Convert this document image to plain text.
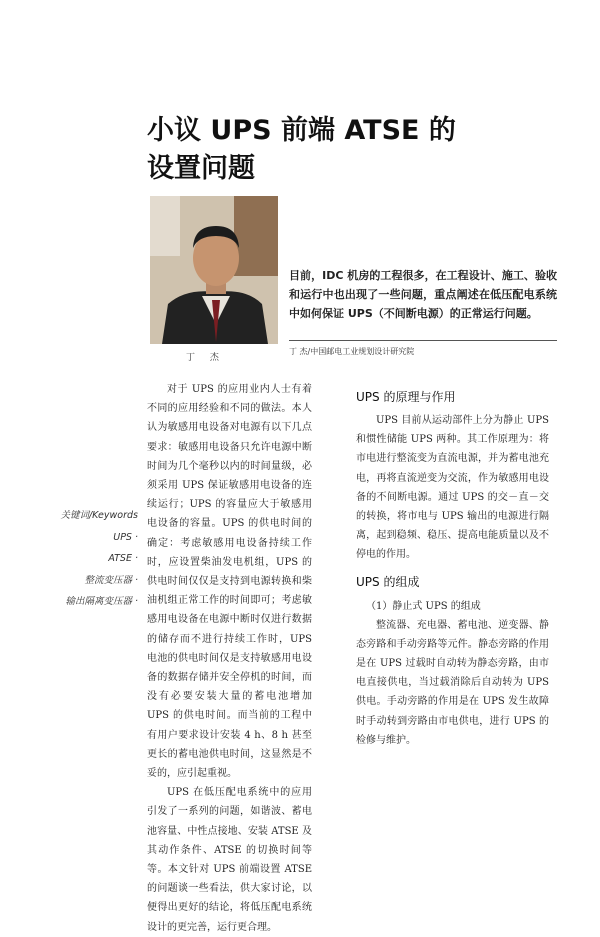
小议 UPS 前端 ATSE 的
设置问题
丁 杰
目前，IDC 机房的工程很多，在工程设计、施工、验收和运行中也出现了一些问题，重点阐述在低压配电系统中如何保证 UPS（不间断电源）的正常运行问题。
丁 杰/中国邮电工业规划设计研究院
关键词/Keywords
UPS ·
ATSE ·
整流变压器 ·
输出隔离变压器 ·

对于 UPS 的应用业内人士有着不同的应用经验和不同的做法。本人认为敏感用电设备对电源有以下几点要求：敏感用电设备只允许电源中断时间为几个毫秒以内的时间量级，必须采用 UPS 保证敏感用电设备的连续运行；UPS 的容量应大于敏感用电设备的容量。UPS 的供电时间的确定：考虑敏感用电设备持续工作时，应设置柴油发电机组，UPS 的供电时间仅仅是支持到电源转换和柴油机组正常工作的时间即可；考虑敏感用电设备在电源中断时仅进行数据的储存而不进行持续工作时，UPS 电池的供电时间仅是支持敏感用电设备的数据存储并安全停机的时间，而没有必要安装大量的蓄电池增加 UPS 的供电时间。而当前的工程中有用户要求设计安装 4 h、8 h 甚至更长的蓄电池供电时间，这显然是不妥的，应引起重视。

UPS 在低压配电系统中的应用引发了一系列的问题，如谐波、蓄电池容量、中性点接地、安装 ATSE 及其动作条件、ATSE 的切换时间等等。本文针对 UPS 前端设置 ATSE 的问题谈一些看法，供大家讨论，以便得出更好的结论，将低压配电系统设计的更完善，运行更合理。

UPS 的原理与作用

UPS 目前从运动部件上分为静止 UPS 和惯性储能 UPS 两种。其工作原理为：将市电进行整流变为直流电源，并为蓄电池充电，再将直流逆变为交流，作为敏感用电设备的不间断电源。通过 UPS 的交－直－交的转换，将市电与 UPS 输出的电源进行隔离，起到稳频、稳压、提高电能质量以及不停电的作用。

UPS 的组成
（1）静止式 UPS 的组成

整流器、充电器、蓄电池、逆变器、静态旁路和手动旁路等元件。静态旁路的作用是在 UPS 过载时自动转为静态旁路，由市电直接供电，当过载消除后自动转为 UPS 供电。手动旁路的作用是在 UPS 发生故障时手动转到旁路由市电供电，进行 UPS 的检修与维护。
